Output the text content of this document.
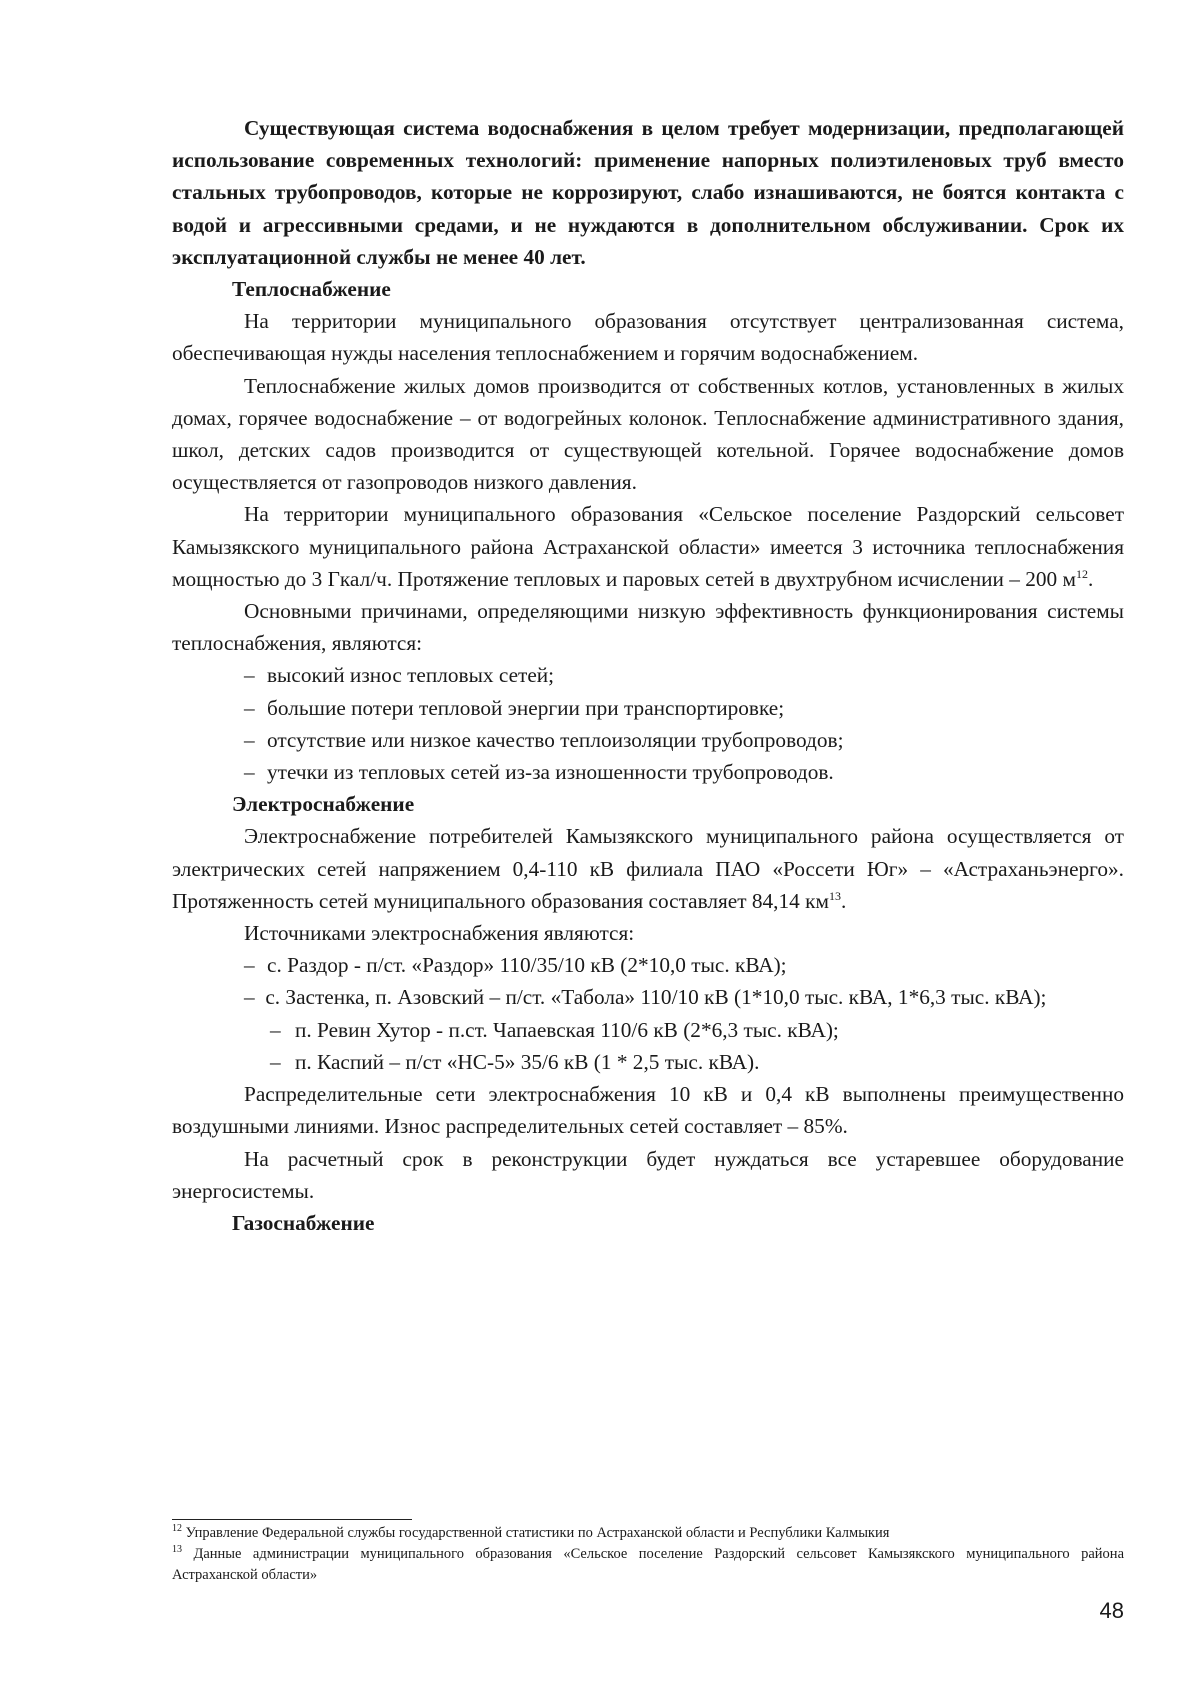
Существующая система водоснабжения в целом требует модернизации, предполагающей использование современных технологий: применение напорных полиэтиленовых труб вместо стальных трубопроводов, которые не коррозируют, слабо изнашиваются, не боятся контакта с водой и агрессивными средами, и не нуждаются в дополнительном обслуживании. Срок их эксплуатационной службы не менее 40 лет.

Теплоснабжение

На территории муниципального образования отсутствует централизованная система, обеспечивающая нужды населения теплоснабжением и горячим водоснабжением.

Теплоснабжение жилых домов производится от собственных котлов, установленных в жилых домах, горячее водоснабжение – от водогрейных колонок. Теплоснабжение административного здания, школ, детских садов производится от существующей котельной. Горячее водоснабжение домов осуществляется от газопроводов низкого давления.

На территории муниципального образования «Сельское поселение Раздорский сельсовет Камызякского муниципального района Астраханской области» имеется 3 источника теплоснабжения мощностью до 3 Гкал/ч. Протяжение тепловых и паровых сетей в двухтрубном исчислении – 200 $м^{12}$.

Основными причинами, определяющими низкую эффективность функционирования системы теплоснабжения, являются:

– высокий износ тепловых сетей;

– большие потери тепловой энергии при транспортировке;

– отсутствие или низкое качество теплоизоляции трубопроводов;

– утечки из тепловых сетей из-за изношенности трубопроводов.

Электроснабжение

Электроснабжение потребителей Камызякского муниципального района осуществляется от электрических сетей напряжением 0,4-110 кВ филиала ПАО «Россети Юг» – «Астраханьэнерго». Протяженность сетей муниципального образования составляет 84,14 $км^{13}$.

Источниками электроснабжения являются:

– с. Раздор - п/ст. «Раздор» 110/35/10 кВ (2*10,0 тыс. кВА);

– с. Застенка, п. Азовский – п/ст. «Табола» 110/10 кВ (1*10,0 тыс. кВА, 1*6,3 тыс. кВА);

– п. Ревин Хутор - п.ст. Чапаевская 110/6 кВ (2*6,3 тыс. кВА);

– п. Каспий – п/ст «НС-5» 35/6 кВ (1 * 2,5 тыс. кВА).

Распределительные сети электроснабжения 10 кВ и 0,4 кВ выполнены преимущественно воздушными линиями. Износ распределительных сетей составляет – 85%.

На расчетный срок в реконструкции будет нуждаться все устаревшее оборудование энергосистемы.

Газоснабжение

$^{12}$ Управление Федеральной службы государственной статистики по Астраханской области и Республики Калмыкия

$^{13}$ Данные администрации муниципального образования «Сельское поселение Раздорский сельсовет Камызякского муниципального района Астраханской области»

48
